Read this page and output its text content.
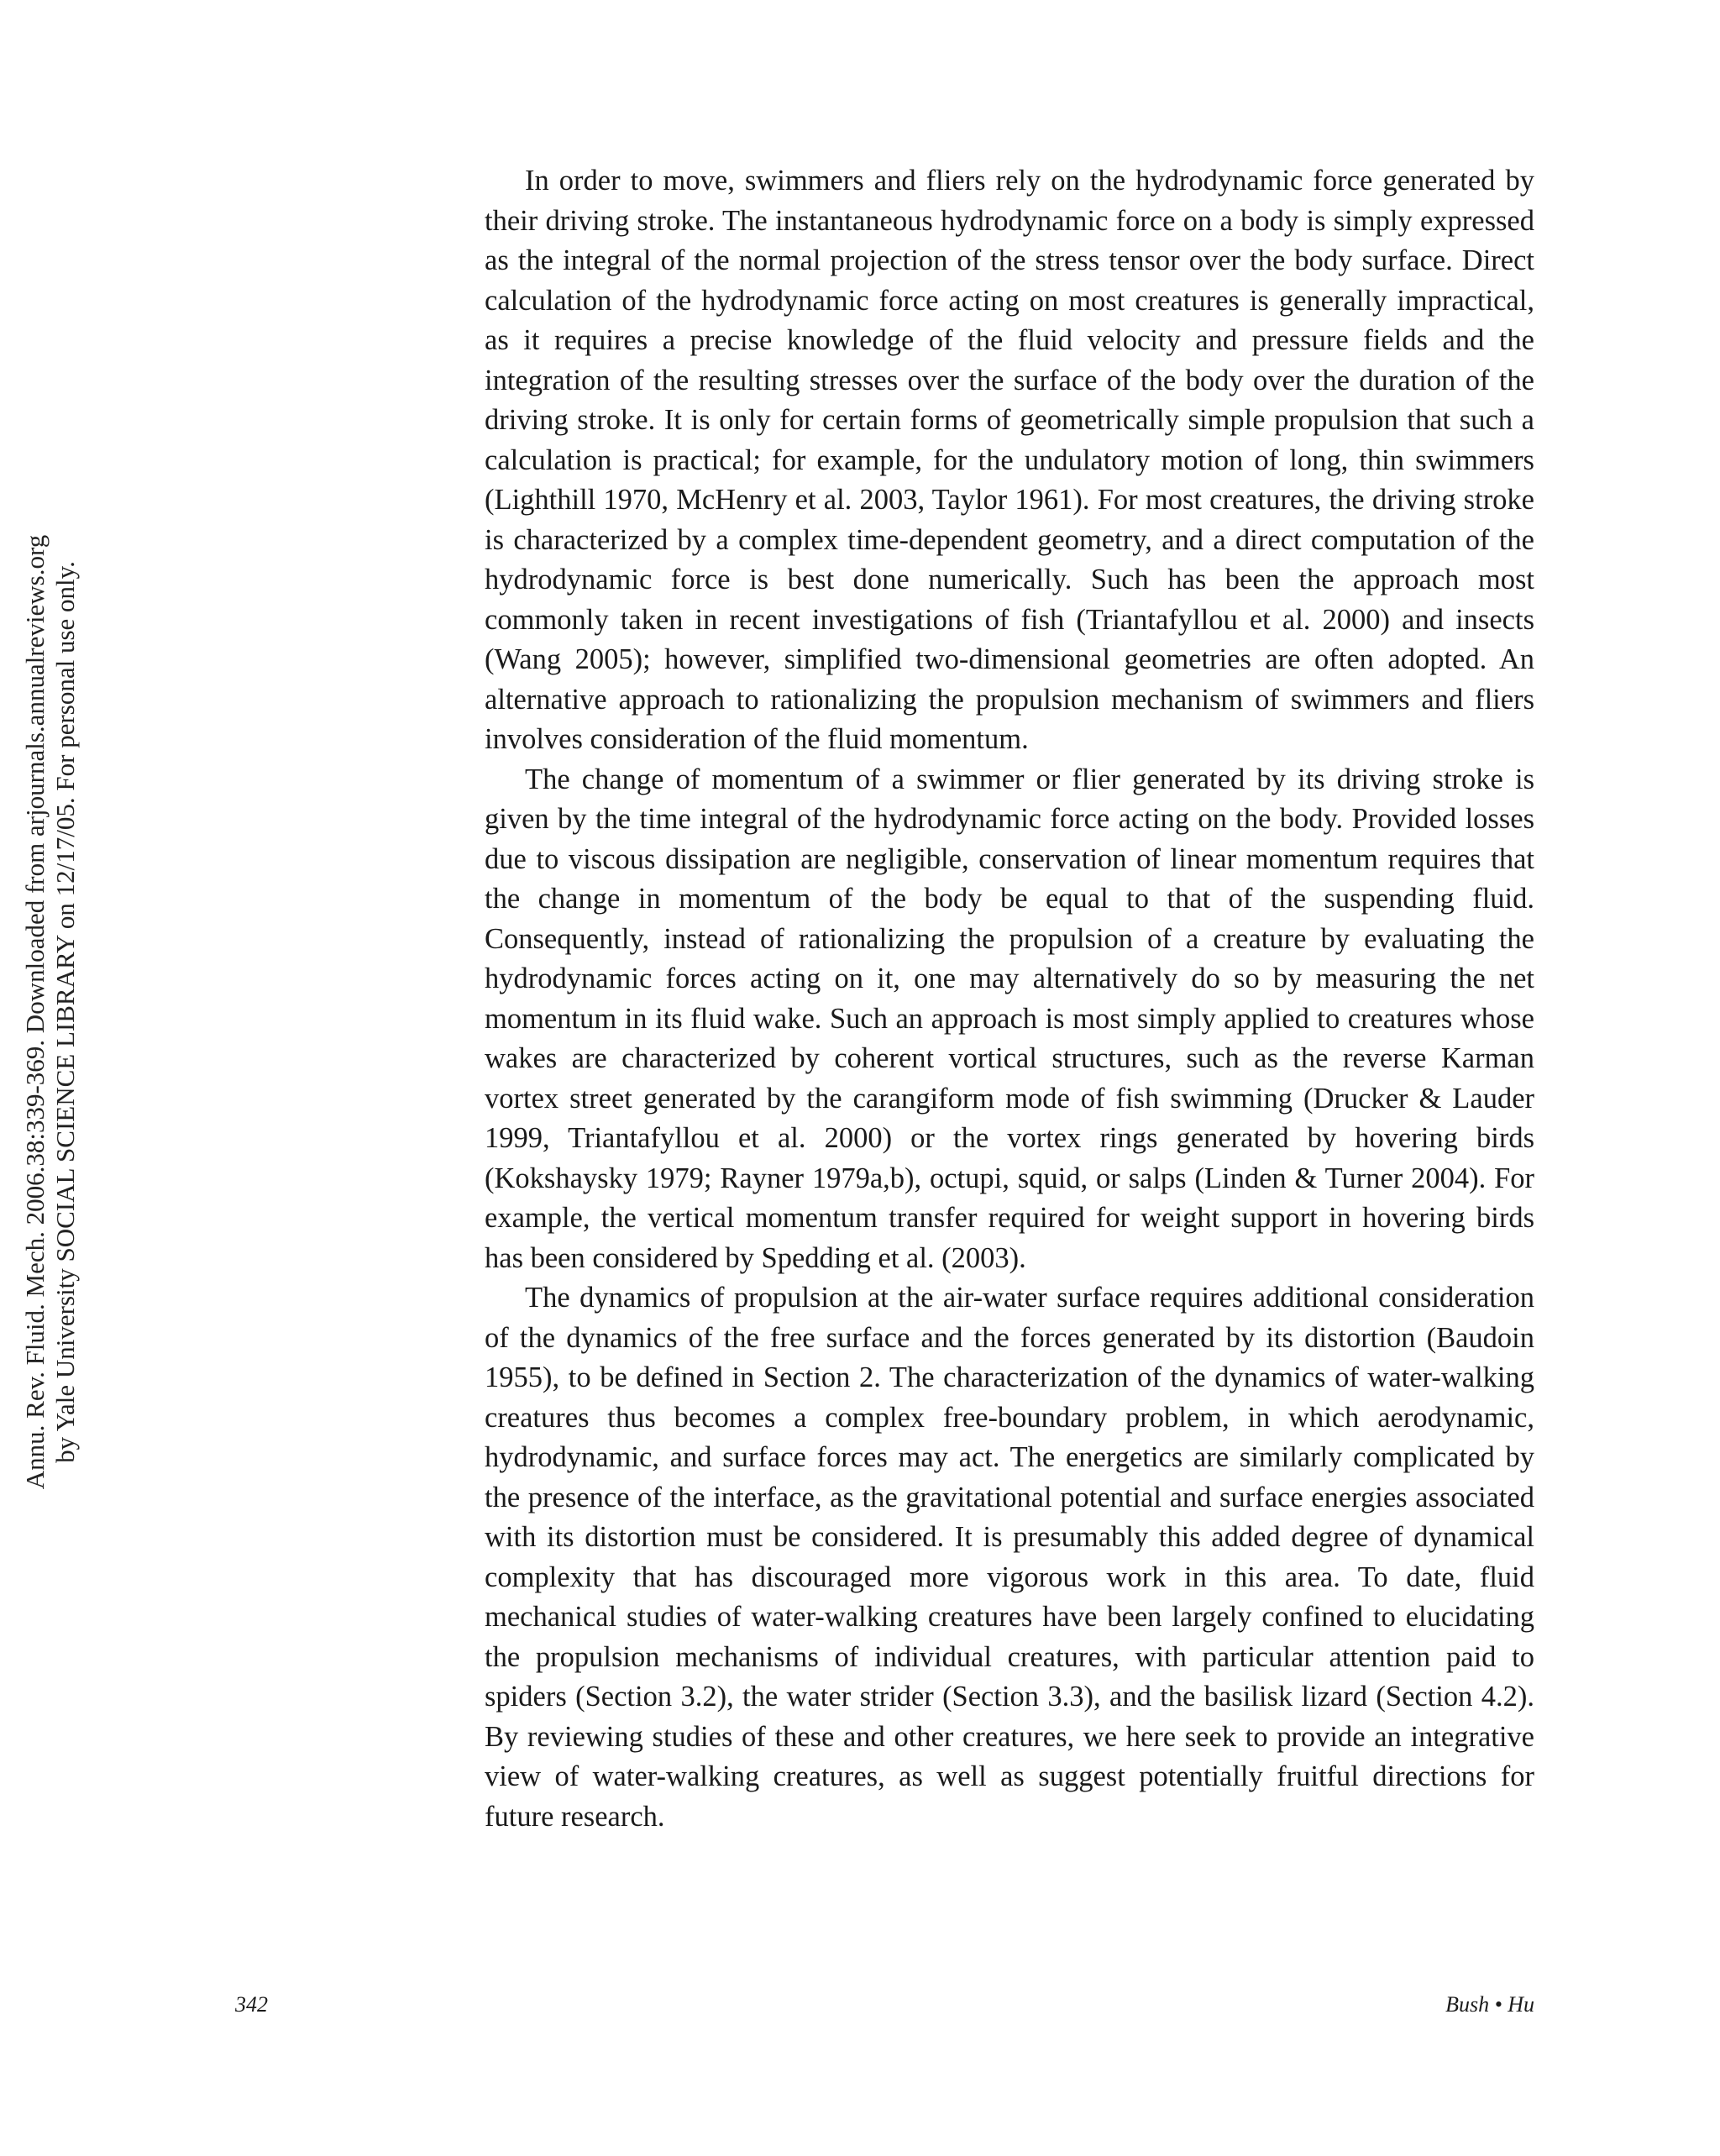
Annu. Rev. Fluid. Mech. 2006.38:339-369. Downloaded from arjournals.annualreviews.org by Yale University SOCIAL SCIENCE LIBRARY on 12/17/05. For personal use only.

In order to move, swimmers and fliers rely on the hydrodynamic force generated by their driving stroke. The instantaneous hydrodynamic force on a body is simply expressed as the integral of the normal projection of the stress tensor over the body surface. Direct calculation of the hydrodynamic force acting on most creatures is generally impractical, as it requires a precise knowledge of the fluid velocity and pressure fields and the integration of the resulting stresses over the surface of the body over the duration of the driving stroke. It is only for certain forms of geometrically simple propulsion that such a calculation is practical; for example, for the undulatory motion of long, thin swimmers (Lighthill 1970, McHenry et al. 2003, Taylor 1961). For most creatures, the driving stroke is characterized by a complex time-dependent geometry, and a direct computation of the hydrodynamic force is best done numerically. Such has been the approach most commonly taken in recent investigations of fish (Triantafyllou et al. 2000) and insects (Wang 2005); however, simplified two-dimensional geometries are often adopted. An alternative approach to rationalizing the propulsion mechanism of swimmers and fliers involves consideration of the fluid momentum.

The change of momentum of a swimmer or flier generated by its driving stroke is given by the time integral of the hydrodynamic force acting on the body. Provided losses due to viscous dissipation are negligible, conservation of linear momentum requires that the change in momentum of the body be equal to that of the suspending fluid. Consequently, instead of rationalizing the propulsion of a creature by evaluating the hydrodynamic forces acting on it, one may alternatively do so by measuring the net momentum in its fluid wake. Such an approach is most simply applied to creatures whose wakes are characterized by coherent vortical structures, such as the reverse Karman vortex street generated by the carangiform mode of fish swimming (Drucker & Lauder 1999, Triantafyllou et al. 2000) or the vortex rings generated by hovering birds (Kokshaysky 1979; Rayner 1979a,b), octupi, squid, or salps (Linden & Turner 2004). For example, the vertical momentum transfer required for weight support in hovering birds has been considered by Spedding et al. (2003).

The dynamics of propulsion at the air-water surface requires additional consideration of the dynamics of the free surface and the forces generated by its distortion (Baudoin 1955), to be defined in Section 2. The characterization of the dynamics of water-walking creatures thus becomes a complex free-boundary problem, in which aerodynamic, hydrodynamic, and surface forces may act. The energetics are similarly complicated by the presence of the interface, as the gravitational potential and surface energies associated with its distortion must be considered. It is presumably this added degree of dynamical complexity that has discouraged more vigorous work in this area. To date, fluid mechanical studies of water-walking creatures have been largely confined to elucidating the propulsion mechanisms of individual creatures, with particular attention paid to spiders (Section 3.2), the water strider (Section 3.3), and the basilisk lizard (Section 4.2). By reviewing studies of these and other creatures, we here seek to provide an integrative view of water-walking creatures, as well as suggest potentially fruitful directions for future research.

342	Bush • Hu
